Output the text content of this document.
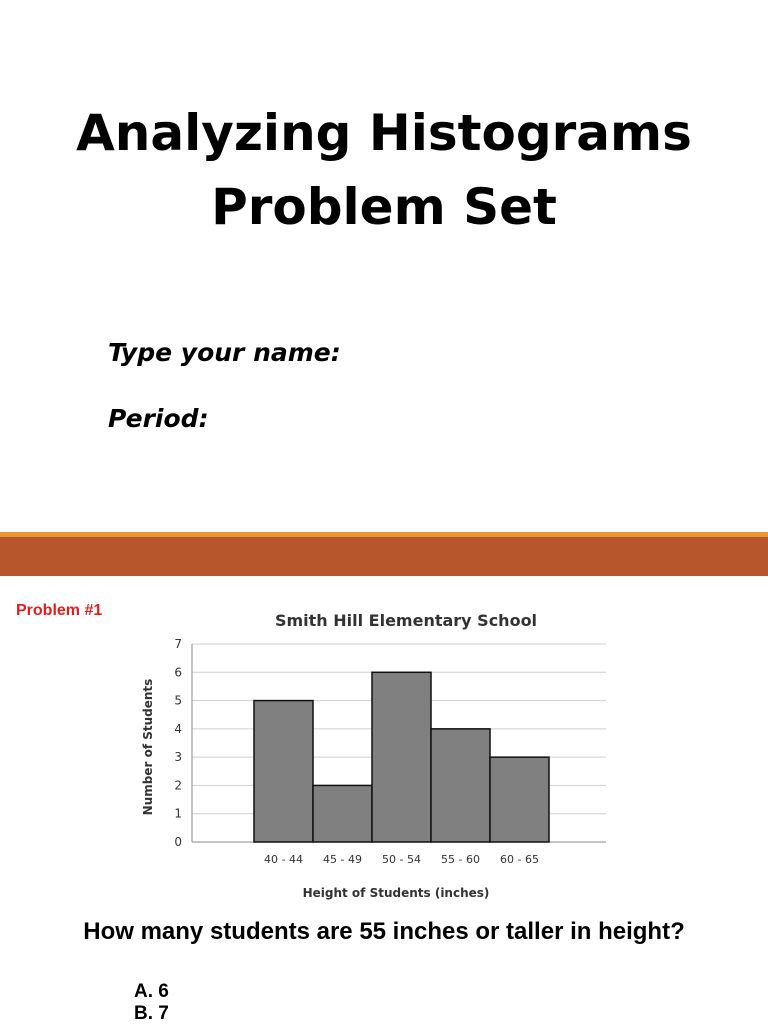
Analyzing Histograms
Problem Set
Type your name:
Period:
Smith Hill Elementary School
0
1
2
3
4
5
6
7
40 - 44 45 - 49 50 - 54 55 - 60 60 - 65
Number of Students
Height of Students (inches)
Problem #1
How many students are 55 inches or taller in height?
A. 6
B. 7
